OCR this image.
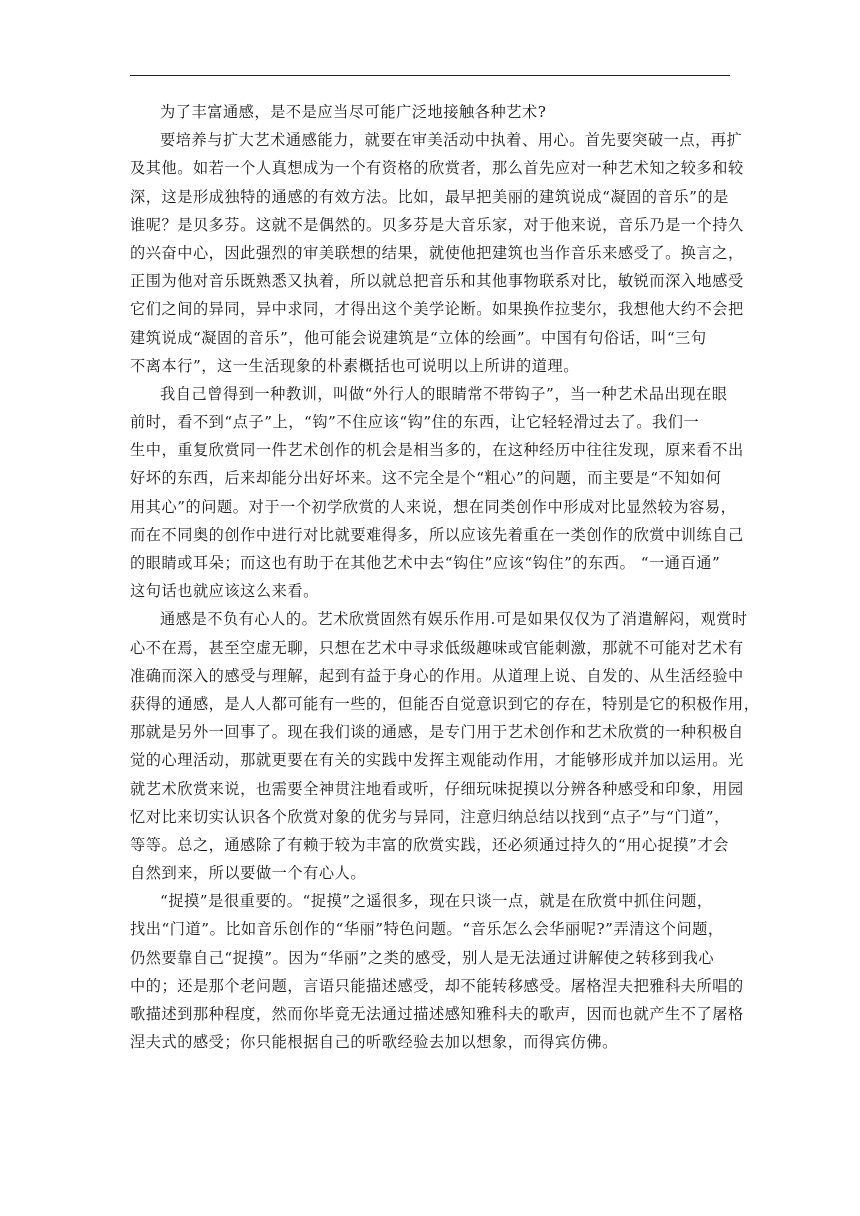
为了丰富通感，是不是应当尽可能广泛地接触各种艺术?
要培养与扩大艺术通感能力，就要在审美活动中执着、用心。首先要突破一点，再扩
及其他。如若一个人真想成为一个有资格的欣赏者，那么首先应对一种艺术知之较多和较
深，这是形成独特的通感的有效方法。比如，最早把美丽的建筑说成“凝固的音乐”的是
谁呢？是贝多芬。这就不是偶然的。贝多芬是大音乐家，对于他来说，音乐乃是一个持久
的兴奋中心，因此强烈的审美联想的结果，就使他把建筑也当作音乐来感受了。换言之，
正围为他对音乐既熟悉又执着，所以就总把音乐和其他事物联系对比，敏锐而深入地感受
它们之间的异同，异中求同，才得出这个美学论断。如果换作拉斐尔，我想他大约不会把
建筑说成“凝固的音乐”，他可能会说建筑是“立体的绘画”。中国有句俗话，叫“三句
不离本行”，这一生活现象的朴素概括也可说明以上所讲的道理。
我自己曾得到一种教训，叫做“外行人的眼睛常不带钩子”，当一种艺术品出现在眼
前时，看不到“点子”上，“钩”不住应该“钩”住的东西，让它轻轻滑过去了。我们一
生中，重复欣赏同一件艺术创作的机会是相当多的，在这种经历中往往发现，原来看不出
好坏的东西，后来却能分出好坏来。这不完全是个“粗心”的问题，而主要是“不知如何
用其心”的问题。对于一个初学欣赏的人来说，想在同类创作中形成对比显然较为容易，
而在不同奥的创作中进行对比就要难得多，所以应该先着重在一类创作的欣赏中训练自己
的眼睛或耳朵；而这也有助于在其他艺术中去“钩住”应该“钩住”的东西。 “一通百通”
这句话也就应该这么来看。
通感是不负有心人的。艺术欣赏固然有娱乐作用.可是如果仅仅为了消遣解闷，观赏时
心不在焉，甚至空虚无聊，只想在艺术中寻求低级趣味或官能刺激，那就不可能对艺术有
准确而深入的感受与理解，起到有益于身心的作用。从道理上说、自发的、从生活经验中
获得的通感，是人人都可能有一些的，但能否自觉意识到它的存在，特别是它的积极作用，
那就是另外一回事了。现在我们谈的通感，是专门用于艺术创作和艺术欣赏的一种积极自
觉的心理活动，那就更要在有关的实践中发挥主观能动作用，才能够形成并加以运用。光
就艺术欣赏来说，也需要全神贯注地看或听，仔细玩味捉摸以分辨各种感受和印象，用园
忆对比来切实认识各个欣赏对象的优劣与异同，注意归纳总结以找到“点子”与“门道”，
等等。总之，通感除了有赖于较为丰富的欣赏实践，还必须通过持久的“用心捉摸”才会
自然到来，所以要做一个有心人。
“捉摸”是很重要的。“捉摸”之遥很多，现在只谈一点，就是在欣赏中抓住问题，
找出“门道”。比如音乐创作的“华丽”特色问题。“音乐怎么会华丽呢?”弄清这个问题，
仍然要靠自己“捉摸”。因为“华丽”之类的感受，别人是无法通过讲解使之转移到我心
中的；还是那个老问题，言语只能描述感受，却不能转移感受。屠格涅夫把雅科夫所唱的
歌描述到那种程度，然而你毕竟无法通过描述感知雅科夫的歌声，因而也就产生不了屠格
涅夫式的感受；你只能根据自己的听歌经验去加以想象，而得宾仿佛。
